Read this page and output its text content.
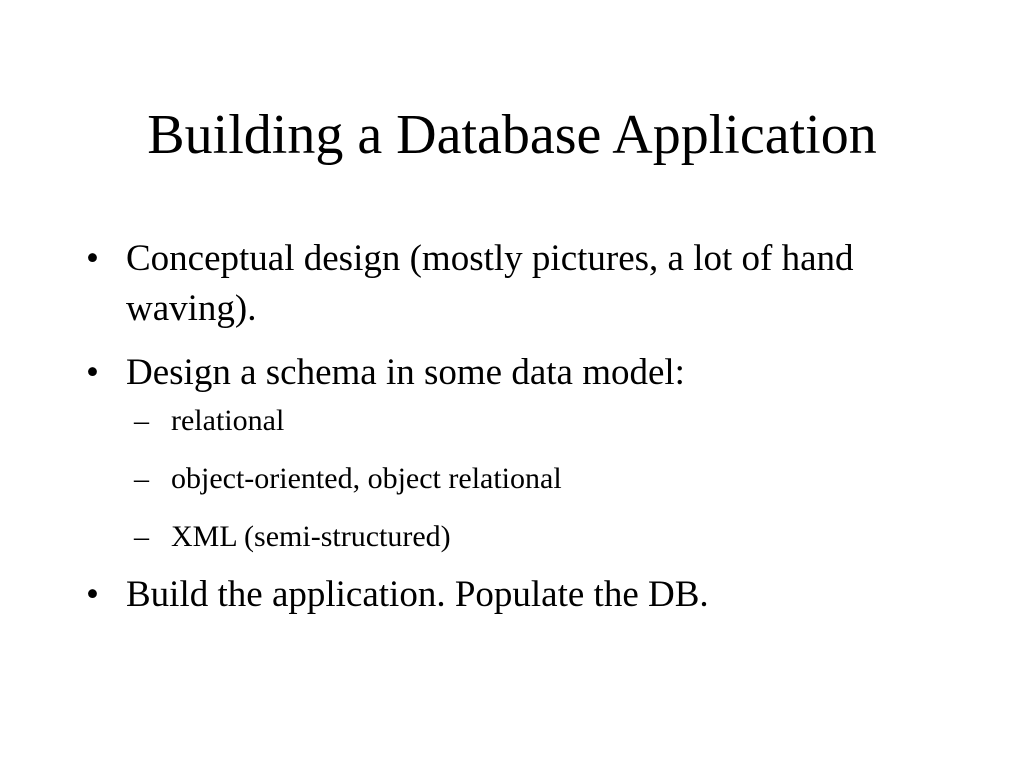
Building a Database Application
• Conceptual design (mostly pictures, a lot of hand waving).
• Design a schema in some data model:
– relational
– object-oriented, object relational
– XML (semi-structured)
• Build the application. Populate the DB.
